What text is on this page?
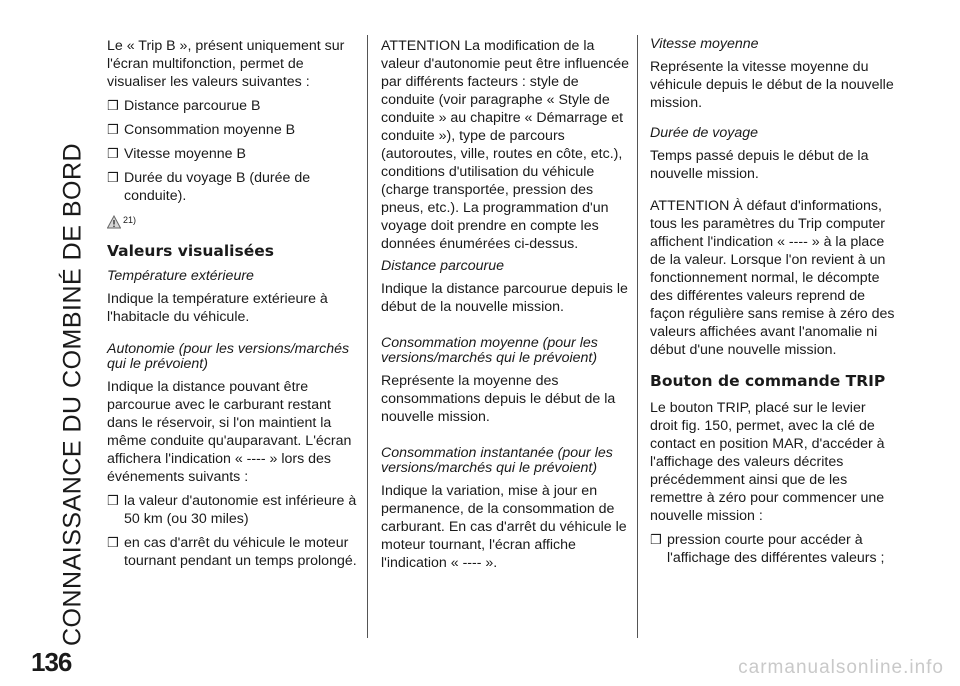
CONNAISSANCE DU COMBINÉ DE BORD

Le « Trip B », présent uniquement sur l'écran multifonction, permet de visualiser les valeurs suivantes :

❒ Distance parcourue B
❒ Consommation moyenne B
❒ Vitesse moyenne B
❒ Durée du voyage B (durée de conduite).
21)
Valeurs visualisées

Température extérieure

Indique la température extérieure à l'habitacle du véhicule.

Autonomie (pour les versions/marchés qui le prévoient)

Indique la distance pouvant être parcourue avec le carburant restant dans le réservoir, si l'on maintient la même conduite qu'auparavant. L'écran affichera l'indication « ---- » lors des événements suivants :

❒ la valeur d'autonomie est inférieure à 50 km (ou 30 miles)
❒ en cas d'arrêt du véhicule le moteur tournant pendant un temps prolongé.

ATTENTION La modification de la valeur d'autonomie peut être influencée par différents facteurs : style de conduite (voir paragraphe « Style de conduite » au chapitre « Démarrage et conduite »), type de parcours (autoroutes, ville, routes en côte, etc.), conditions d'utilisation du véhicule (charge transportée, pression des pneus, etc.). La programmation d'un voyage doit prendre en compte les données énumérées ci-dessus.

Distance parcourue

Indique la distance parcourue depuis le début de la nouvelle mission.

Consommation moyenne (pour les versions/marchés qui le prévoient)

Représente la moyenne des consommations depuis le début de la nouvelle mission.

Consommation instantanée (pour les versions/marchés qui le prévoient)

Indique la variation, mise à jour en permanence, de la consommation de carburant. En cas d'arrêt du véhicule le moteur tournant, l'écran affiche l'indication « ---- ».

Vitesse moyenne

Représente la vitesse moyenne du véhicule depuis le début de la nouvelle mission.

Durée de voyage

Temps passé depuis le début de la nouvelle mission.

ATTENTION À défaut d'informations, tous les paramètres du Trip computer affichent l'indication « ---- » à la place de la valeur. Lorsque l'on revient à un fonctionnement normal, le décompte des différentes valeurs reprend de façon régulière sans remise à zéro des valeurs affichées avant l'anomalie ni début d'une nouvelle mission.

Bouton de commande TRIP

Le bouton TRIP, placé sur le levier droit fig. 150, permet, avec la clé de contact en position MAR, d'accéder à l'affichage des valeurs décrites précédemment ainsi que de les remettre à zéro pour commencer une nouvelle mission :

❒ pression courte pour accéder à l'affichage des différentes valeurs ;
136	carmanualsonline.info
